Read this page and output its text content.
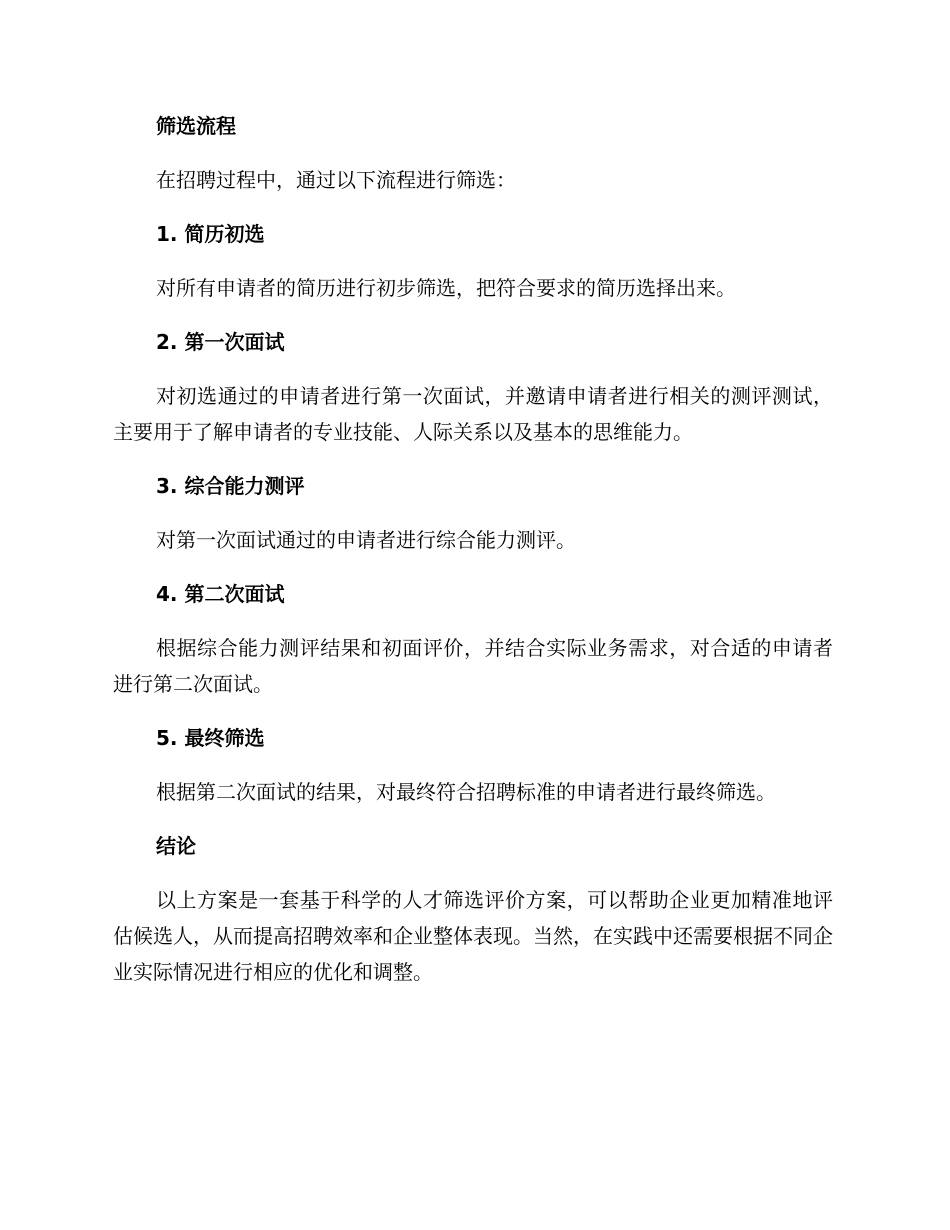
筛选流程
在招聘过程中，通过以下流程进行筛选：
1. 简历初选
对所有申请者的简历进行初步筛选，把符合要求的简历选择出来。
2. 第一次面试
对初选通过的申请者进行第一次面试，并邀请申请者进行相关的测评测试，主要用于了解申请者的专业技能、人际关系以及基本的思维能力。
3. 综合能力测评
对第一次面试通过的申请者进行综合能力测评。
4. 第二次面试
根据综合能力测评结果和初面评价，并结合实际业务需求，对合适的申请者进行第二次面试。
5. 最终筛选
根据第二次面试的结果，对最终符合招聘标准的申请者进行最终筛选。
结论
以上方案是一套基于科学的人才筛选评价方案，可以帮助企业更加精准地评估候选人，从而提高招聘效率和企业整体表现。当然，在实践中还需要根据不同企业实际情况进行相应的优化和调整。
